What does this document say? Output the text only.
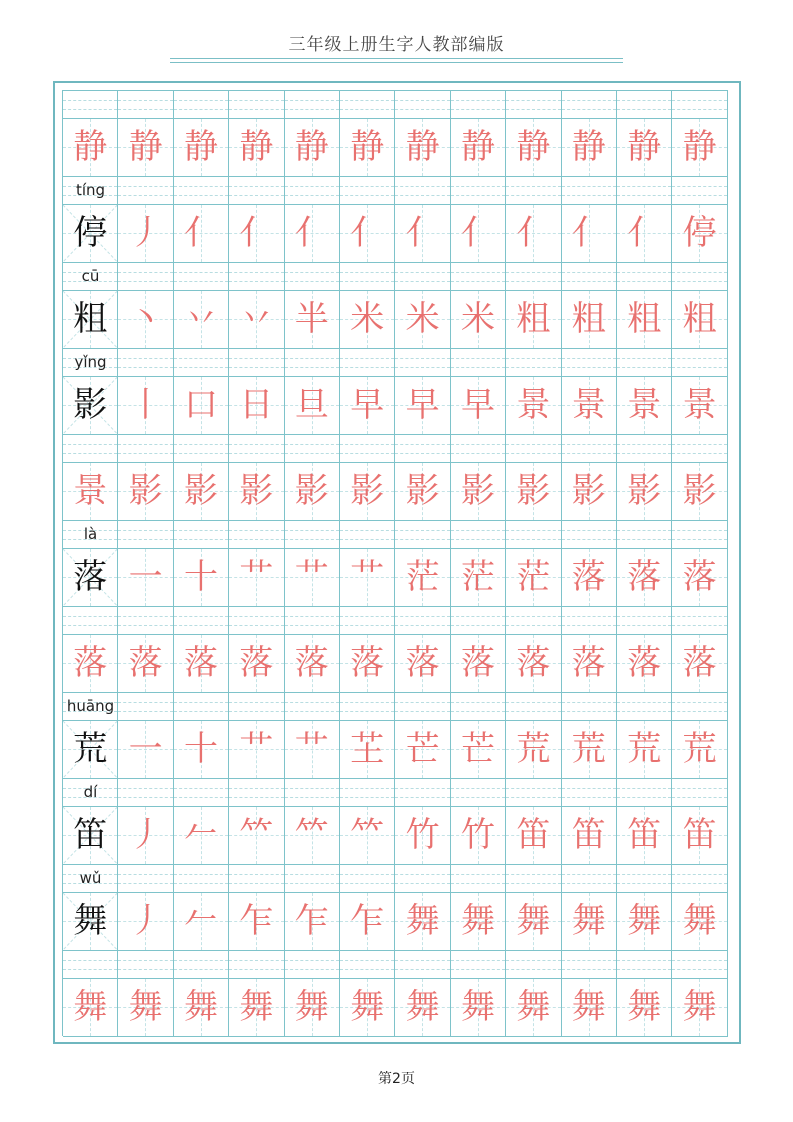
三年级上册生字人教部编版
静 静 静 静 静 静 静 静 静 静 静 静
tíng
停 丿 亻 亻 亻 亻 亻 亻 亻 亻 亻 停
cū
粗 丶 丷 丷 半 米 米 米 粗 粗 粗 粗
yǐng
影 丨 口 日 旦 早 早 早 景 景 景 景
景 影 影 影 影 影 影 影 影 影 影 影
là
落 一 十 艹 艹 艹 茫 茫 茫 落 落 落
落 落 落 落 落 落 落 落 落 落 落 落
huāng
荒 一 十 艹 艹 芏 芒 芒 荒 荒 荒 荒
dí
笛 丿 𠂉 𥫗 𥫗 𥫗 竹 竹 笛 笛 笛 笛
wǔ
舞 丿 𠂉 乍 乍 乍 舞 舞 舞 舞 舞 舞
舞 舞 舞 舞 舞 舞 舞 舞 舞 舞 舞 舞
第2页
